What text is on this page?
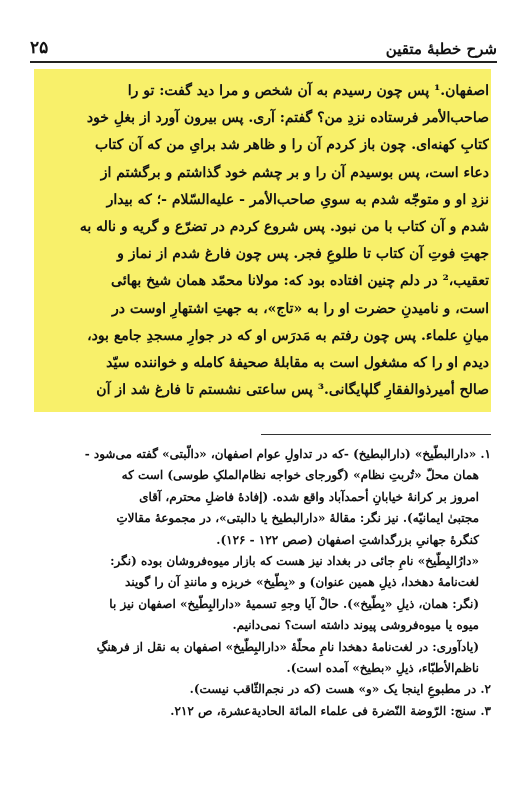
شرح خطبهٔ متقین
۲۵
اصفهان.¹ پس چون رسیدم به آن شخص و مرا دید گفت: تو را
صاحب‌الأمر فرستاده نزدِ من؟ گفتم: آری. پس بیرون آورد از بغلِ خود
کتابِ کهنه‌ای. چون باز کردم آن را و ظاهر شد برایِ من که آن کتاب
دعاء است، پس بوسیدم آن را و بر چشم خود گذاشتم و برگشتم از
نزدِ او و متوجّه شدم به سویِ صاحب‌الأمر - علیه‌السّلام -؛ که بیدار
شدم و آن کتاب با من نبود. پس شروع کردم در تضرّع و گریه و ناله به
جهتِ فوتِ آن کتاب تا طلوعِ فجر. پس چون فارغ شدم از نماز و
تعقیب،² در دلم چنین افتاده بود که: مولانا محمّد همان شیخ بهائی
است، و نامیدنِ حضرت او را به «تاج»، به جهتِ اشتهارِ اوست در
میانِ علماء. پس چون رفتم به مَدرَس او که در جوارِ مسجدِ جامع بود،
دیدم او را که مشغول است به مقابلهٔ صحیفهٔ کامله و خواننده سیّد
صالح أمیرذوالفقارِ گلپایگانی.³ پس ساعتی نشستم تا فارغ شد از آن
۱. «دارالبطّیخ» (دارالبطیخ) -که در تداولِ عوام اصفهان، «دالّبتی» گفته می‌شود -
همان محلّ «تُربتِ نظام» (گورجای خواجه نظام‌الملکِ طوسی) است که
امروز بر کرانهٔ خیابانِ أحمدآباد واقع شده. (إفادهٔ فاضلِ محترم، آقای
مجتبیٰ ایمانیّه). نیز نگر: مقالهٔ «دارالبطیخ یا دالبتی»، در مجموعهٔ مقالاتِ
کنگرهٔ جهانیِ بزرگداشتِ اصفهان (صص ۱۲۲ - ۱۲۶).
«دارُالبِطّیخ» نامِ جائی در بغداد نیز هست که بازار میوه‌فروشان بوده (نگر:
لغت‌نامهٔ دهخدا، ذیلِ همین عنوان) و «بِطّیخ» خربزه و مانندِ آن را گویند
(نگر: همان، ذیلِ «بِطّیخ»). حالْ آیا وجهِ تسمیهٔ «دارالبِطّیخ» اصفهان نیز با
میوه یا میوه‌فروشی پیوند داشته است؟ نمی‌دانیم.
(یادآوری: در لغت‌نامهٔ دهخدا نامِ محلّهٔ «دارالبِطّیخ» اصفهان به نقل از فرهنگِ
ناظم‌الأطبّاء، ذیلِ «بطیخ» آمده است).
۲. در مطبوعِ اینجا یک «و» هست (که در نجم‌الثّاقب نیست).
۳. سنج: الرّوضة النّضرة فی علماء المائة الحادیةعشرة، ص ۲۱۲.
